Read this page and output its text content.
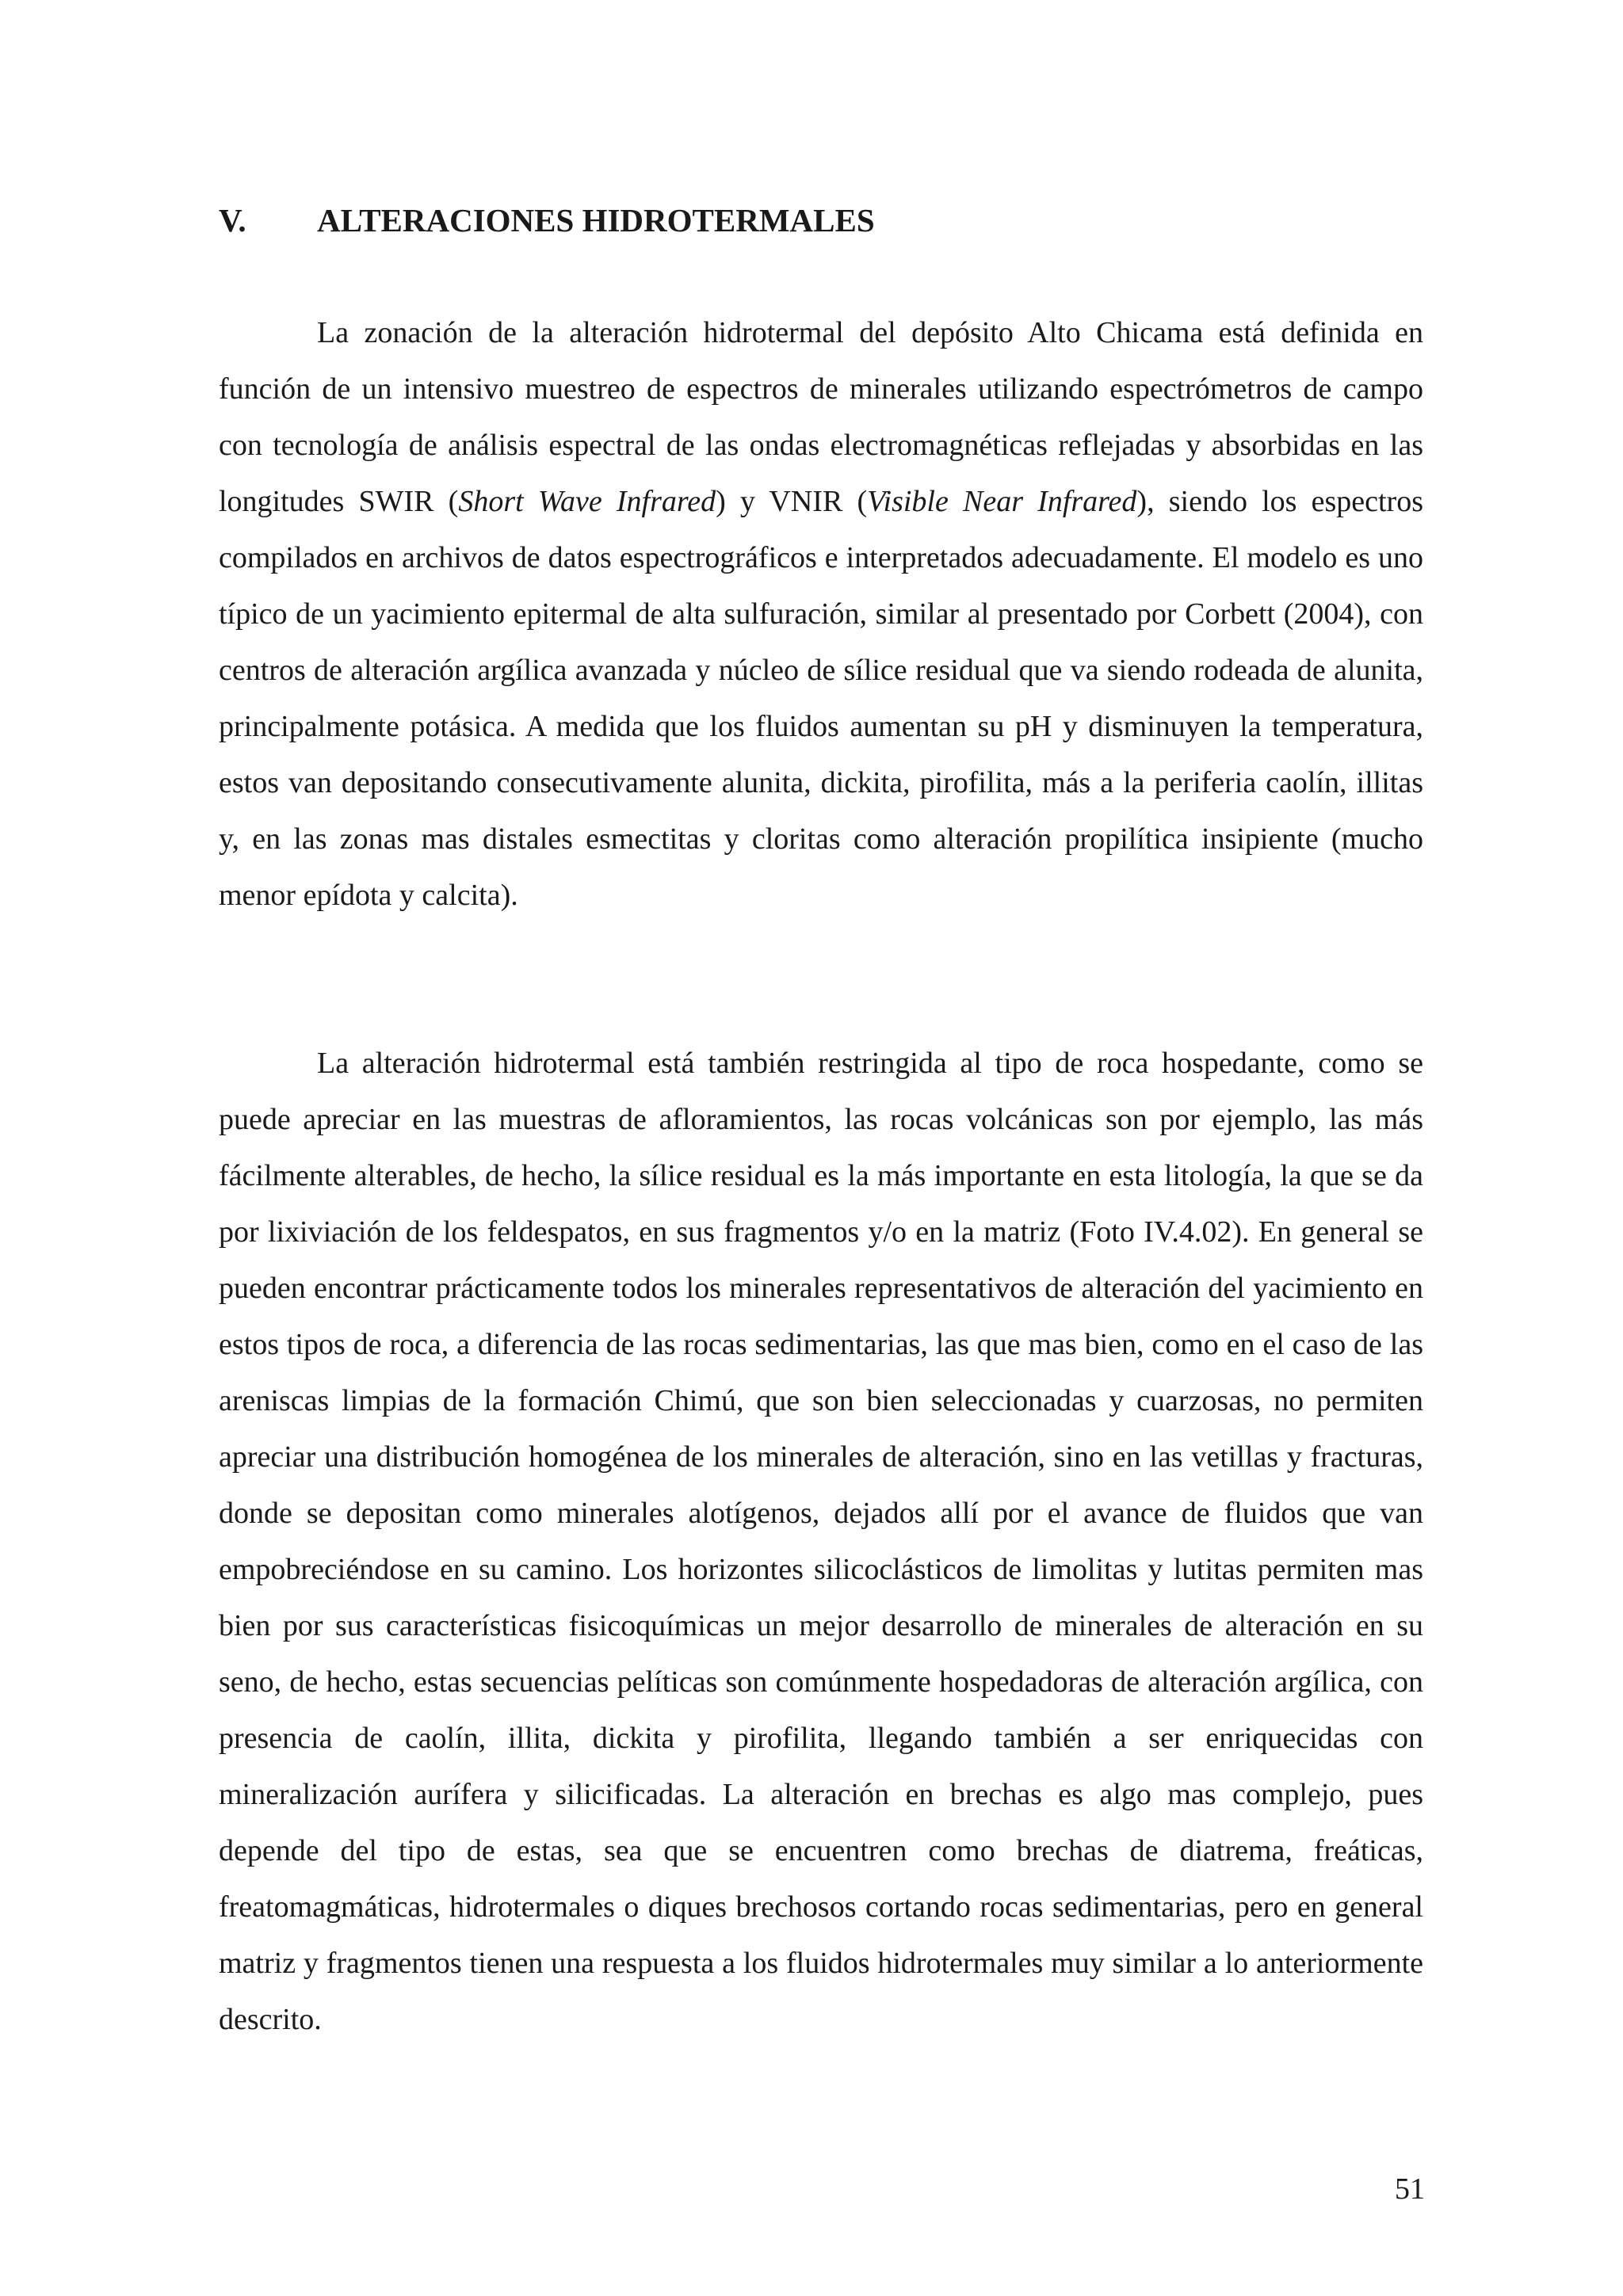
V. ALTERACIONES HIDROTERMALES

La zonación de la alteración hidrotermal del depósito Alto Chicama está definida en función de un intensivo muestreo de espectros de minerales utilizando espectrómetros de campo con tecnología de análisis espectral de las ondas electromagnéticas reflejadas y absorbidas en las longitudes SWIR (Short Wave Infrared) y VNIR (Visible Near Infrared), siendo los espectros compilados en archivos de datos espectrográficos e interpretados adecuadamente. El modelo es uno típico de un yacimiento epitermal de alta sulfuración, similar al presentado por Corbett (2004), con centros de alteración argílica avanzada y núcleo de sílice residual que va siendo rodeada de alunita, principalmente potásica. A medida que los fluidos aumentan su pH y disminuyen la temperatura, estos van depositando consecutivamente alunita, dickita, pirofilita, más a la periferia caolín, illitas y, en las zonas mas distales esmectitas y cloritas como alteración propilítica insipiente (mucho menor epídota y calcita).

La alteración hidrotermal está también restringida al tipo de roca hospedante, como se puede apreciar en las muestras de afloramientos, las rocas volcánicas son por ejemplo, las más fácilmente alterables, de hecho, la sílice residual es la más importante en esta litología, la que se da por lixiviación de los feldespatos, en sus fragmentos y/o en la matriz (Foto IV.4.02). En general se pueden encontrar prácticamente todos los minerales representativos de alteración del yacimiento en estos tipos de roca, a diferencia de las rocas sedimentarias, las que mas bien, como en el caso de las areniscas limpias de la formación Chimú, que son bien seleccionadas y cuarzosas, no permiten apreciar una distribución homogénea de los minerales de alteración, sino en las vetillas y fracturas, donde se depositan como minerales alotígenos, dejados allí por el avance de fluidos que van empobreciéndose en su camino. Los horizontes silicoclásticos de limolitas y lutitas permiten mas bien por sus características fisicoquímicas un mejor desarrollo de minerales de alteración en su seno, de hecho, estas secuencias pelíticas son comúnmente hospedadoras de alteración argílica, con presencia de caolín, illita, dickita y pirofilita, llegando también a ser enriquecidas con mineralización aurífera y silicificadas. La alteración en brechas es algo mas complejo, pues depende del tipo de estas, sea que se encuentren como brechas de diatrema, freáticas, freatomagmáticas, hidrotermales o diques brechosos cortando rocas sedimentarias, pero en general matriz y fragmentos tienen una respuesta a los fluidos hidrotermales muy similar a lo anteriormente descrito.

51
